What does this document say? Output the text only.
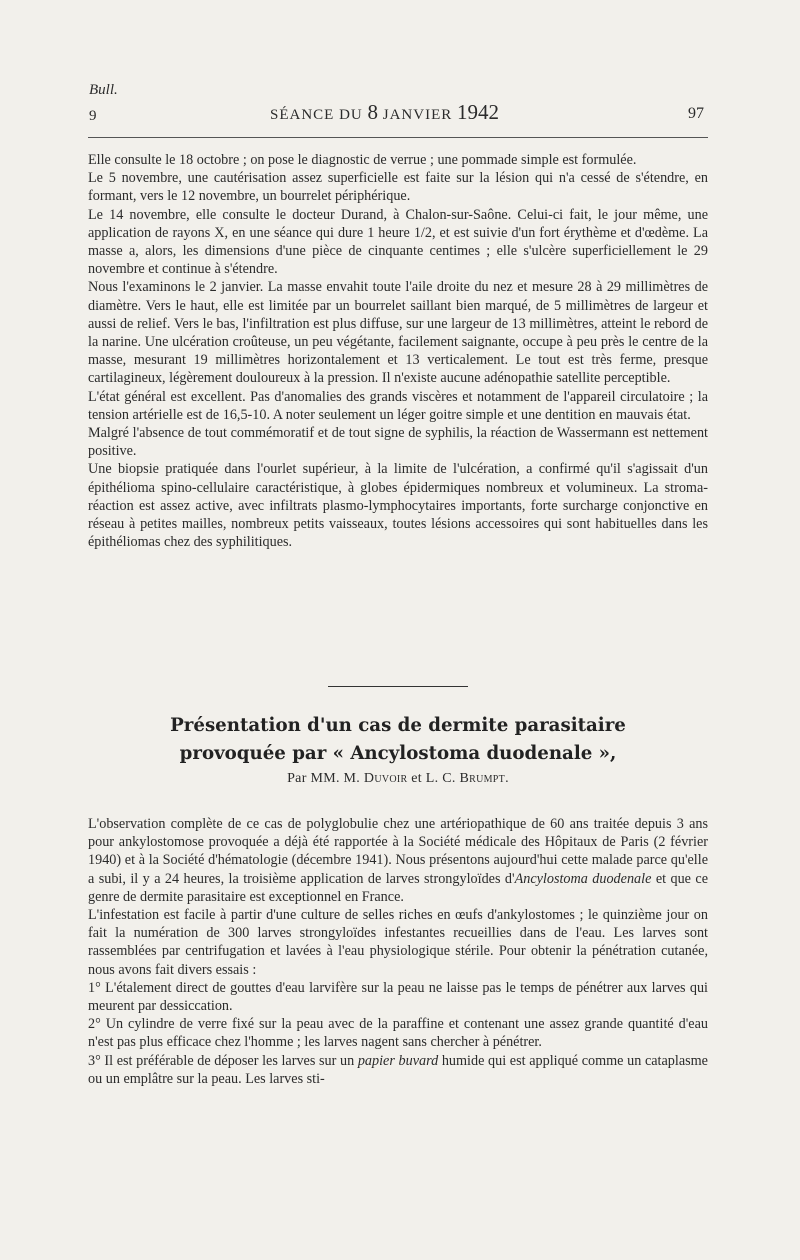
Bull.
9	SÉANCE DU 8 JANVIER 1942	97

Elle consulte le 18 octobre ; on pose le diagnostic de verrue ; une pommade simple est formulée.

Le 5 novembre, une cautérisation assez superficielle est faite sur la lésion qui n'a cessé de s'étendre, en formant, vers le 12 novembre, un bourrelet périphérique.

Le 14 novembre, elle consulte le docteur Durand, à Chalon-sur-Saône. Celui-ci fait, le jour même, une application de rayons X, en une séance qui dure 1 heure 1/2, et est suivie d'un fort érythème et d'œdème. La masse a, alors, les dimensions d'une pièce de cinquante centimes ; elle s'ulcère superficiellement le 29 novembre et continue à s'étendre.

Nous l'examinons le 2 janvier. La masse envahit toute l'aile droite du nez et mesure 28 à 29 millimètres de diamètre. Vers le haut, elle est limitée par un bourrelet saillant bien marqué, de 5 millimètres de largeur et aussi de relief. Vers le bas, l'infiltration est plus diffuse, sur une largeur de 13 millimètres, atteint le rebord de la narine. Une ulcération croûteuse, un peu végétante, facilement saignante, occupe à peu près le centre de la masse, mesurant 19 millimètres horizontalement et 13 verticalement. Le tout est très ferme, presque cartilagineux, légèrement douloureux à la pression. Il n'existe aucune adénopathie satellite perceptible.

L'état général est excellent. Pas d'anomalies des grands viscères et notamment de l'appareil circulatoire ; la tension artérielle est de 16,5-10. A noter seulement un léger goitre simple et une dentition en mauvais état.

Malgré l'absence de tout commémoratif et de tout signe de syphilis, la réaction de Wassermann est nettement positive.

Une biopsie pratiquée dans l'ourlet supérieur, à la limite de l'ulcération, a confirmé qu'il s'agissait d'un épithélioma spino-cellulaire caractéristique, à globes épidermiques nombreux et volumineux. La stroma-réaction est assez active, avec infiltrats plasmo-lymphocytaires importants, forte surcharge conjonctive en réseau à petites mailles, nombreux petits vaisseaux, toutes lésions accessoires qui sont habituelles dans les épithéliomas chez des syphilitiques.

Présentation d'un cas de dermite parasitaire
provoquée par « Ancylostoma duodenale »,
Par MM. M. Duvoir et L. C. Brumpt.

L'observation complète de ce cas de polyglobulie chez une artériopathique de 60 ans traitée depuis 3 ans pour ankylostomose provoquée a déjà été rapportée à la Société médicale des Hôpitaux de Paris (2 février 1940) et à la Société d'hématologie (décembre 1941). Nous présentons aujourd'hui cette malade parce qu'elle a subi, il y a 24 heures, la troisième application de larves strongyloïdes d'Ancylostoma duodenale et que ce genre de dermite parasitaire est exceptionnel en France.

L'infestation est facile à partir d'une culture de selles riches en œufs d'ankylostomes ; le quinzième jour on fait la numération de 300 larves strongyloïdes infestantes recueillies dans de l'eau. Les larves sont rassemblées par centrifugation et lavées à l'eau physiologique stérile. Pour obtenir la pénétration cutanée, nous avons fait divers essais :

1° L'étalement direct de gouttes d'eau larvifère sur la peau ne laisse pas le temps de pénétrer aux larves qui meurent par dessiccation.

2° Un cylindre de verre fixé sur la peau avec de la paraffine et contenant une assez grande quantité d'eau n'est pas plus efficace chez l'homme ; les larves nagent sans chercher à pénétrer.

3° Il est préférable de déposer les larves sur un papier buvard humide qui est appliqué comme un cataplasme ou un emplâtre sur la peau. Les larves sti-
